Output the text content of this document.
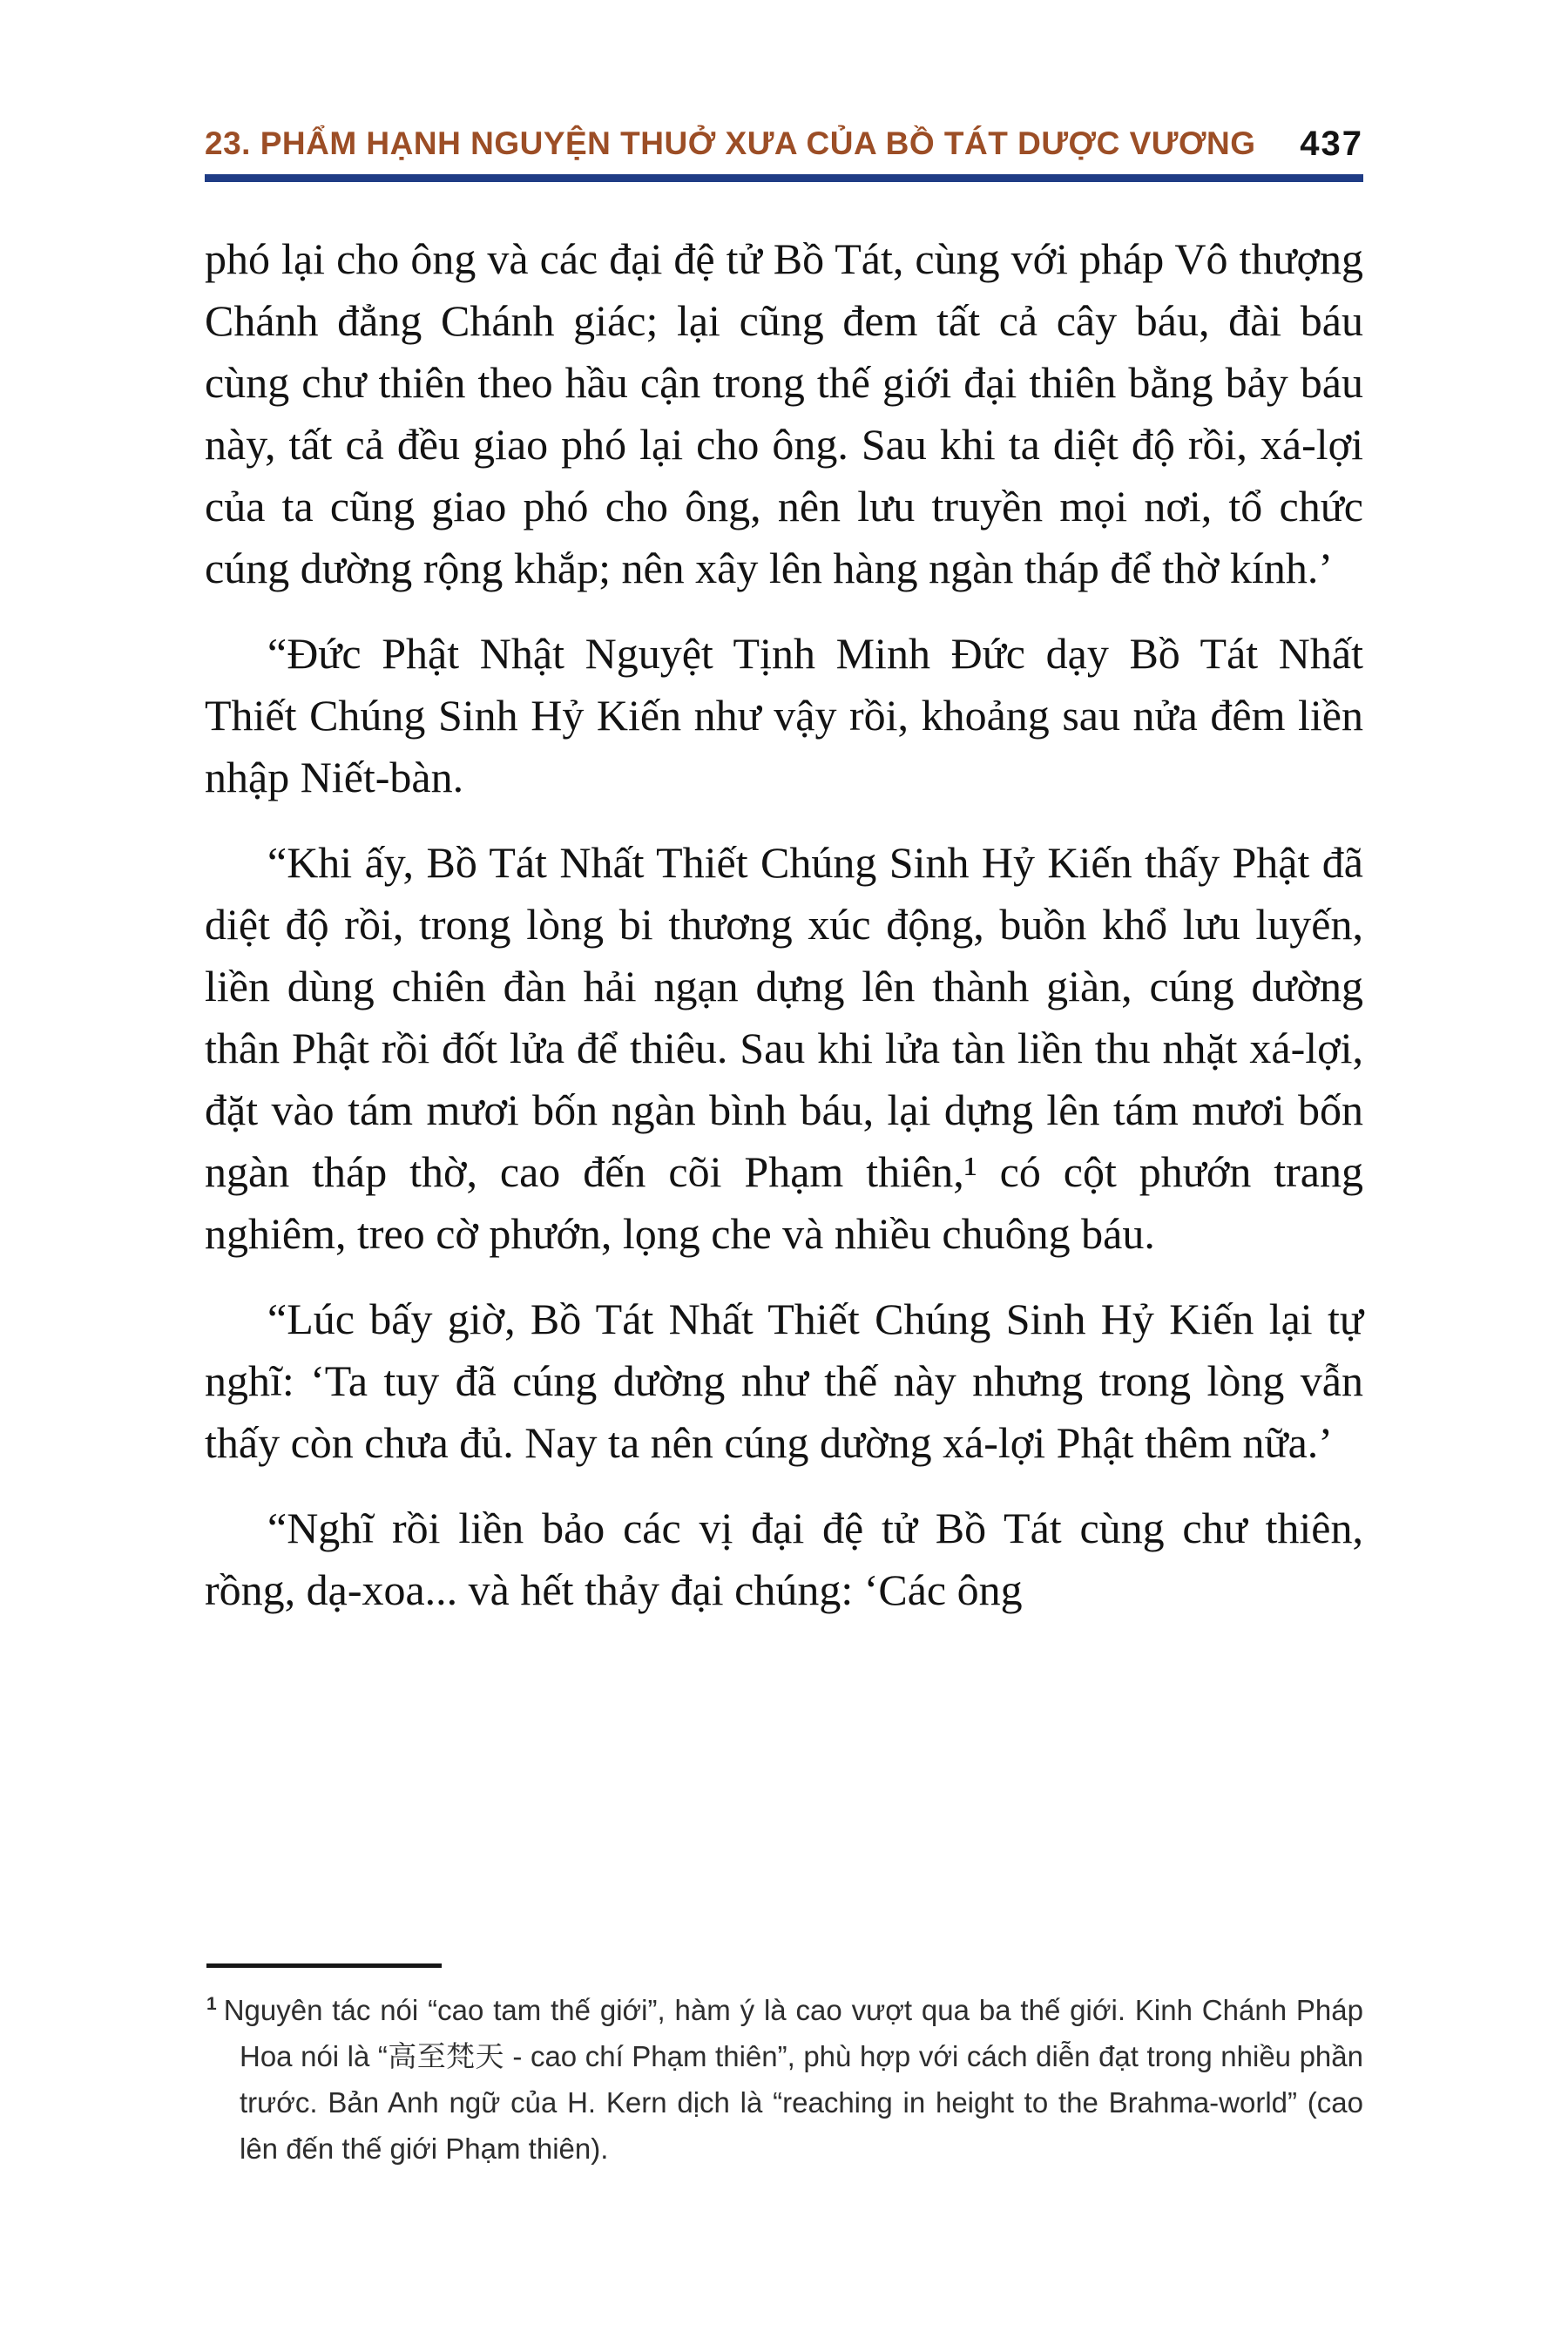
23. PHẨM HẠNH NGUYỆN THUỞ XƯA CỦA BỒ TÁT DƯỢC VƯƠNG 437

phó lại cho ông và các đại đệ tử Bồ Tát, cùng với pháp Vô thượng Chánh đẳng Chánh giác; lại cũng đem tất cả cây báu, đài báu cùng chư thiên theo hầu cận trong thế giới đại thiên bằng bảy báu này, tất cả đều giao phó lại cho ông. Sau khi ta diệt độ rồi, xá-lợi của ta cũng giao phó cho ông, nên lưu truyền mọi nơi, tổ chức cúng dường rộng khắp; nên xây lên hàng ngàn tháp để thờ kính.’

“Đức Phật Nhật Nguyệt Tịnh Minh Đức dạy Bồ Tát Nhất Thiết Chúng Sinh Hỷ Kiến như vậy rồi, khoảng sau nửa đêm liền nhập Niết-bàn.

“Khi ấy, Bồ Tát Nhất Thiết Chúng Sinh Hỷ Kiến thấy Phật đã diệt độ rồi, trong lòng bi thương xúc động, buồn khổ lưu luyến, liền dùng chiên đàn hải ngạn dựng lên thành giàn, cúng dường thân Phật rồi đốt lửa để thiêu. Sau khi lửa tàn liền thu nhặt xá-lợi, đặt vào tám mươi bốn ngàn bình báu, lại dựng lên tám mươi bốn ngàn tháp thờ, cao đến cõi Phạm thiên,¹ có cột phướn trang nghiêm, treo cờ phướn, lọng che và nhiều chuông báu.

“Lúc bấy giờ, Bồ Tát Nhất Thiết Chúng Sinh Hỷ Kiến lại tự nghĩ: ‘Ta tuy đã cúng dường như thế này nhưng trong lòng vẫn thấy còn chưa đủ. Nay ta nên cúng dường xá-lợi Phật thêm nữa.’

“Nghĩ rồi liền bảo các vị đại đệ tử Bồ Tát cùng chư thiên, rồng, dạ-xoa... và hết thảy đại chúng: ‘Các ông

$^1$ Nguyên tác nói “cao tam thế giới”, hàm ý là cao vượt qua ba thế giới. Kinh Chánh Pháp Hoa nói là “高至梵天 - cao chí Phạm thiên”, phù hợp với cách diễn đạt trong nhiều phần trước. Bản Anh ngữ của H. Kern dịch là “reaching in height to the Brahma-world” (cao lên đến thế giới Phạm thiên).
